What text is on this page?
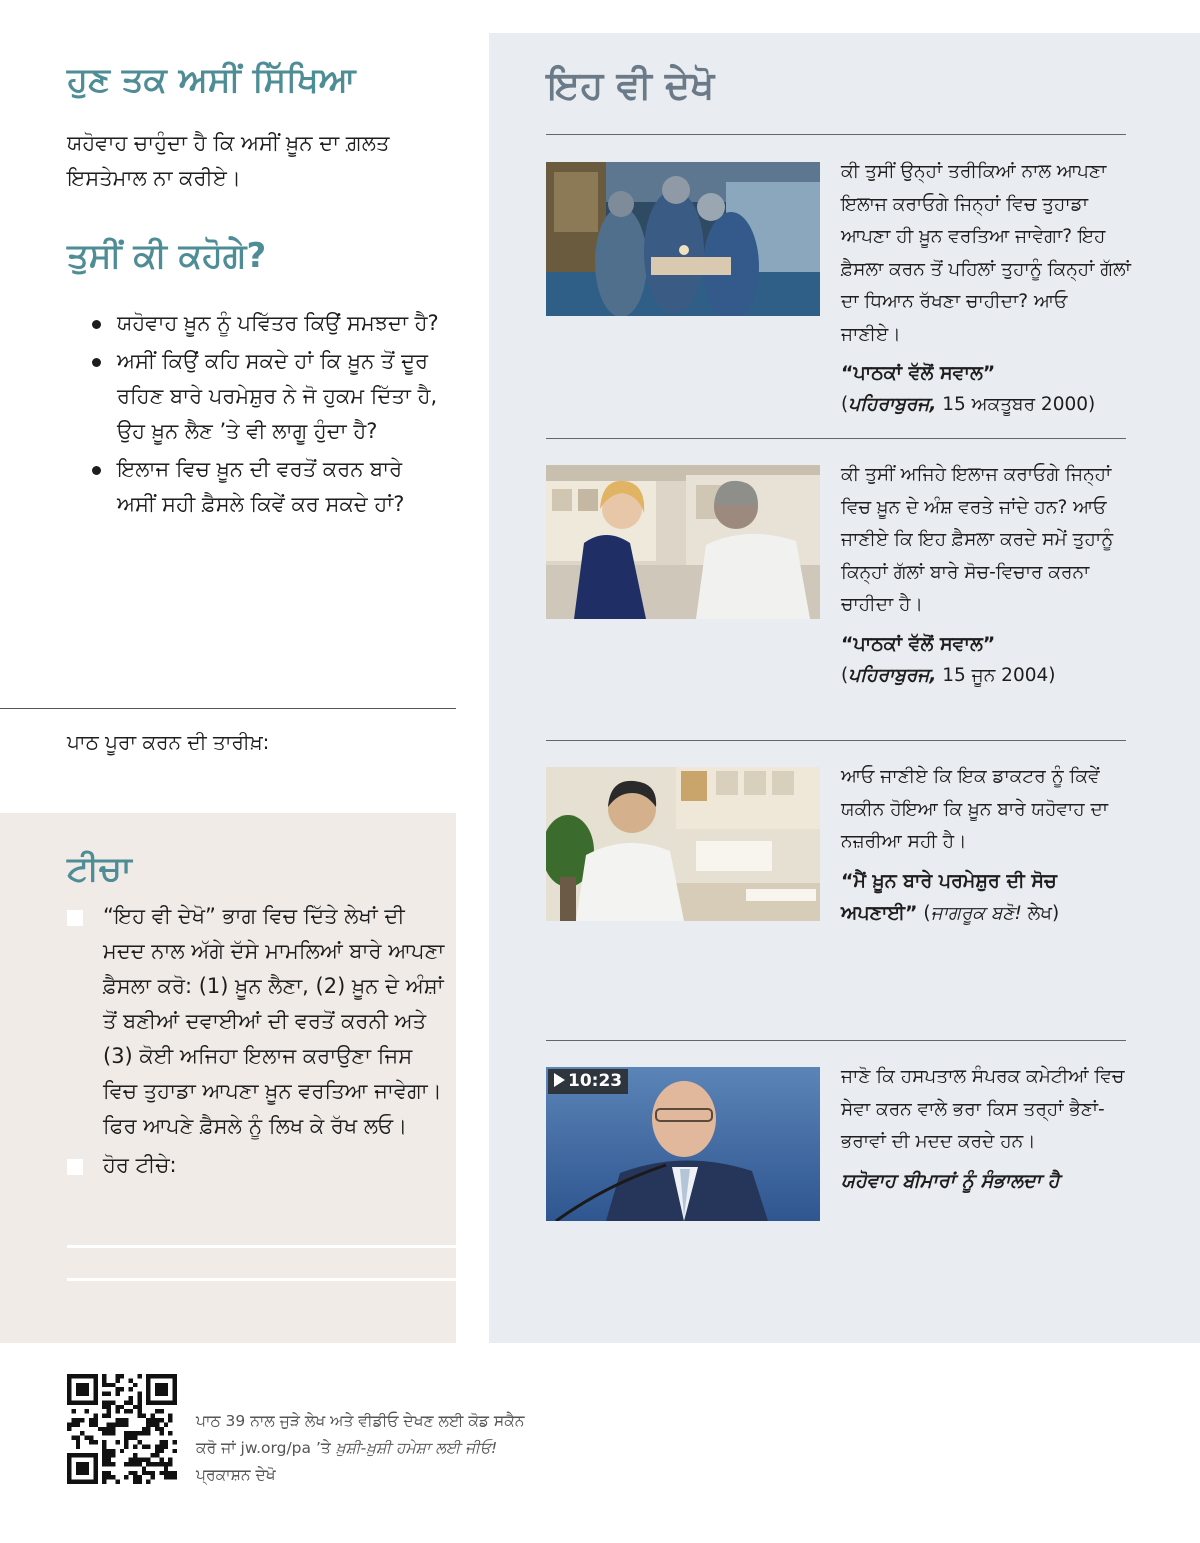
ਹੁਣ ਤਕ ਅਸੀਂ ਸਿੱਖਿਆ
ਯਹੋਵਾਹ ਚਾਹੁੰਦਾ ਹੈ ਕਿ ਅਸੀਂ ਖ਼ੂਨ ਦਾ ਗ਼ਲਤ ਇਸਤੇਮਾਲ ਨਾ ਕਰੀਏ।
ਤੁਸੀਂ ਕੀ ਕਹੋਗੇ?
ਯਹੋਵਾਹ ਖ਼ੂਨ ਨੂੰ ਪਵਿੱਤਰ ਕਿਉਂ ਸਮਝਦਾ ਹੈ?
ਅਸੀਂ ਕਿਉਂ ਕਹਿ ਸਕਦੇ ਹਾਂ ਕਿ ਖ਼ੂਨ ਤੋਂ ਦੂਰ ਰਹਿਣ ਬਾਰੇ ਪਰਮੇਸ਼ੁਰ ਨੇ ਜੋ ਹੁਕਮ ਦਿੱਤਾ ਹੈ, ਉਹ ਖ਼ੂਨ ਲੈਣ ’ਤੇ ਵੀ ਲਾਗੂ ਹੁੰਦਾ ਹੈ?
ਇਲਾਜ ਵਿਚ ਖ਼ੂਨ ਦੀ ਵਰਤੋਂ ਕਰਨ ਬਾਰੇ ਅਸੀਂ ਸਹੀ ਫ਼ੈਸਲੇ ਕਿਵੇਂ ਕਰ ਸਕਦੇ ਹਾਂ?
ਪਾਠ ਪੂਰਾ ਕਰਨ ਦੀ ਤਾਰੀਖ਼:
ਟੀਚਾ
“ਇਹ ਵੀ ਦੇਖੋ” ਭਾਗ ਵਿਚ ਦਿੱਤੇ ਲੇਖਾਂ ਦੀ ਮਦਦ ਨਾਲ ਅੱਗੇ ਦੱਸੇ ਮਾਮਲਿਆਂ ਬਾਰੇ ਆਪਣਾ ਫ਼ੈਸਲਾ ਕਰੋ: (1) ਖ਼ੂਨ ਲੈਣਾ, (2) ਖ਼ੂਨ ਦੇ ਅੰਸ਼ਾਂ ਤੋਂ ਬਣੀਆਂ ਦਵਾਈਆਂ ਦੀ ਵਰਤੋਂ ਕਰਨੀ ਅਤੇ (3) ਕੋਈ ਅਜਿਹਾ ਇਲਾਜ ਕਰਾਉਣਾ ਜਿਸ ਵਿਚ ਤੁਹਾਡਾ ਆਪਣਾ ਖ਼ੂਨ ਵਰਤਿਆ ਜਾਵੇਗਾ। ਫਿਰ ਆਪਣੇ ਫ਼ੈਸਲੇ ਨੂੰ ਲਿਖ ਕੇ ਰੱਖ ਲਓ।
ਹੋਰ ਟੀਚੇ:
ਇਹ ਵੀ ਦੇਖੋ
ਕੀ ਤੁਸੀਂ ਉਨ੍ਹਾਂ ਤਰੀਕਿਆਂ ਨਾਲ ਆਪਣਾ ਇਲਾਜ ਕਰਾਓਗੇ ਜਿਨ੍ਹਾਂ ਵਿਚ ਤੁਹਾਡਾ ਆਪਣਾ ਹੀ ਖ਼ੂਨ ਵਰਤਿਆ ਜਾਵੇਗਾ? ਇਹ ਫ਼ੈਸਲਾ ਕਰਨ ਤੋਂ ਪਹਿਲਾਂ ਤੁਹਾਨੂੰ ਕਿਨ੍ਹਾਂ ਗੱਲਾਂ ਦਾ ਧਿਆਨ ਰੱਖਣਾ ਚਾਹੀਦਾ? ਆਓ ਜਾਣੀਏ।
“ਪਾਠਕਾਂ ਵੱਲੋਂ ਸਵਾਲ”
(ਪਹਿਰਾਬੁਰਜ, 15 ਅਕਤੂਬਰ 2000)
ਕੀ ਤੁਸੀਂ ਅਜਿਹੇ ਇਲਾਜ ਕਰਾਓਗੇ ਜਿਨ੍ਹਾਂ ਵਿਚ ਖ਼ੂਨ ਦੇ ਅੰਸ਼ ਵਰਤੇ ਜਾਂਦੇ ਹਨ? ਆਓ ਜਾਣੀਏ ਕਿ ਇਹ ਫ਼ੈਸਲਾ ਕਰਦੇ ਸਮੇਂ ਤੁਹਾਨੂੰ ਕਿਨ੍ਹਾਂ ਗੱਲਾਂ ਬਾਰੇ ਸੋਚ-ਵਿਚਾਰ ਕਰਨਾ ਚਾਹੀਦਾ ਹੈ।
“ਪਾਠਕਾਂ ਵੱਲੋਂ ਸਵਾਲ”
(ਪਹਿਰਾਬੁਰਜ, 15 ਜੂਨ 2004)
ਆਓ ਜਾਣੀਏ ਕਿ ਇਕ ਡਾਕਟਰ ਨੂੰ ਕਿਵੇਂ ਯਕੀਨ ਹੋਇਆ ਕਿ ਖ਼ੂਨ ਬਾਰੇ ਯਹੋਵਾਹ ਦਾ ਨਜ਼ਰੀਆ ਸਹੀ ਹੈ।
“ਮੈਂ ਖ਼ੂਨ ਬਾਰੇ ਪਰਮੇਸ਼ੁਰ ਦੀ ਸੋਚ ਅਪਣਾਈ” (ਜਾਗਰੂਕ ਬਣੋ! ਲੇਖ)
10:23	ਜਾਣੋ ਕਿ ਹਸਪਤਾਲ ਸੰਪਰਕ ਕਮੇਟੀਆਂ ਵਿਚ ਸੇਵਾ ਕਰਨ ਵਾਲੇ ਭਰਾ ਕਿਸ ਤਰ੍ਹਾਂ ਭੈਣਾਂ-ਭਰਾਵਾਂ ਦੀ ਮਦਦ ਕਰਦੇ ਹਨ।
ਯਹੋਵਾਹ ਬੀਮਾਰਾਂ ਨੂੰ ਸੰਭਾਲਦਾ ਹੈ
ਪਾਠ 39 ਨਾਲ ਜੁੜੇ ਲੇਖ ਅਤੇ ਵੀਡੀਓ ਦੇਖਣ ਲਈ ਕੋਡ ਸਕੈਨ ਕਰੋ ਜਾਂ jw.org/pa ’ਤੇ ਖ਼ੁਸ਼ੀ-ਖ਼ੁਸ਼ੀ ਹਮੇਸ਼ਾ ਲਈ ਜੀਓ! ਪ੍ਰਕਾਸ਼ਨ ਦੇਖੋ
